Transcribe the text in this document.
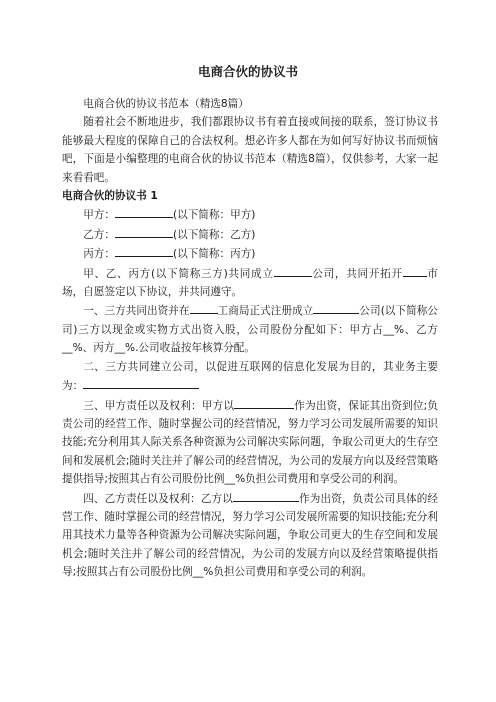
电商合伙的协议书

电商合伙的协议书范本（精选8篇）

随着社会不断地进步，我们都跟协议书有着直接或间接的联系，签订协议书能够最大程度的保障自己的合法权利。想必许多人都在为如何写好协议书而烦恼吧，下面是小编整理的电商合伙的协议书范本（精选8篇），仅供参考，大家一起来看看吧。

电商合伙的协议书 1

甲方：	(以下简称：甲方)

乙方：	(以下简称：乙方)

丙方：	(以下简称：丙方)

甲、乙、丙方(以下简称三方)共同成立	公司，共同开拓开 市场，自愿签定以下协议，并共同遵守。

一、三方共同出资并在	工商局正式注册成立	公司(以下简称公司)三方以现金或实物方式出资入股，公司股份分配如下：甲方占__%、乙方__%、丙方__%.公司收益按年核算分配。

二、三方共同建立公司，以促进互联网的信息化发展为目的，其业务主要为：

三、甲方责任以及权利：甲方以	作为出资，保证其出资到位;负责公司的经营工作、随时掌握公司的经营情况，努力学习公司发展所需要的知识技能;充分利用其人际关系各种资源为公司解决实际问题，争取公司更大的生存空间和发展机会;随时关注并了解公司的经营情况，为公司的发展方向以及经营策略提供指导;按照其占有公司股份比例__%负担公司费用和享受公司的利润。

四、乙方责任以及权利：乙方以	作为出资，负责公司具体的经营工作、随时掌握公司的经营情况，努力学习公司发展所需要的知识技能;充分利用其技术力量等各种资源为公司解决实际问题，争取公司更大的生存空间和发展机会;随时关注并了解公司的经营情况，为公司的发展方向以及经营策略提供指导;按照其占有公司股份比例__%负担公司费用和享受公司的利润。
